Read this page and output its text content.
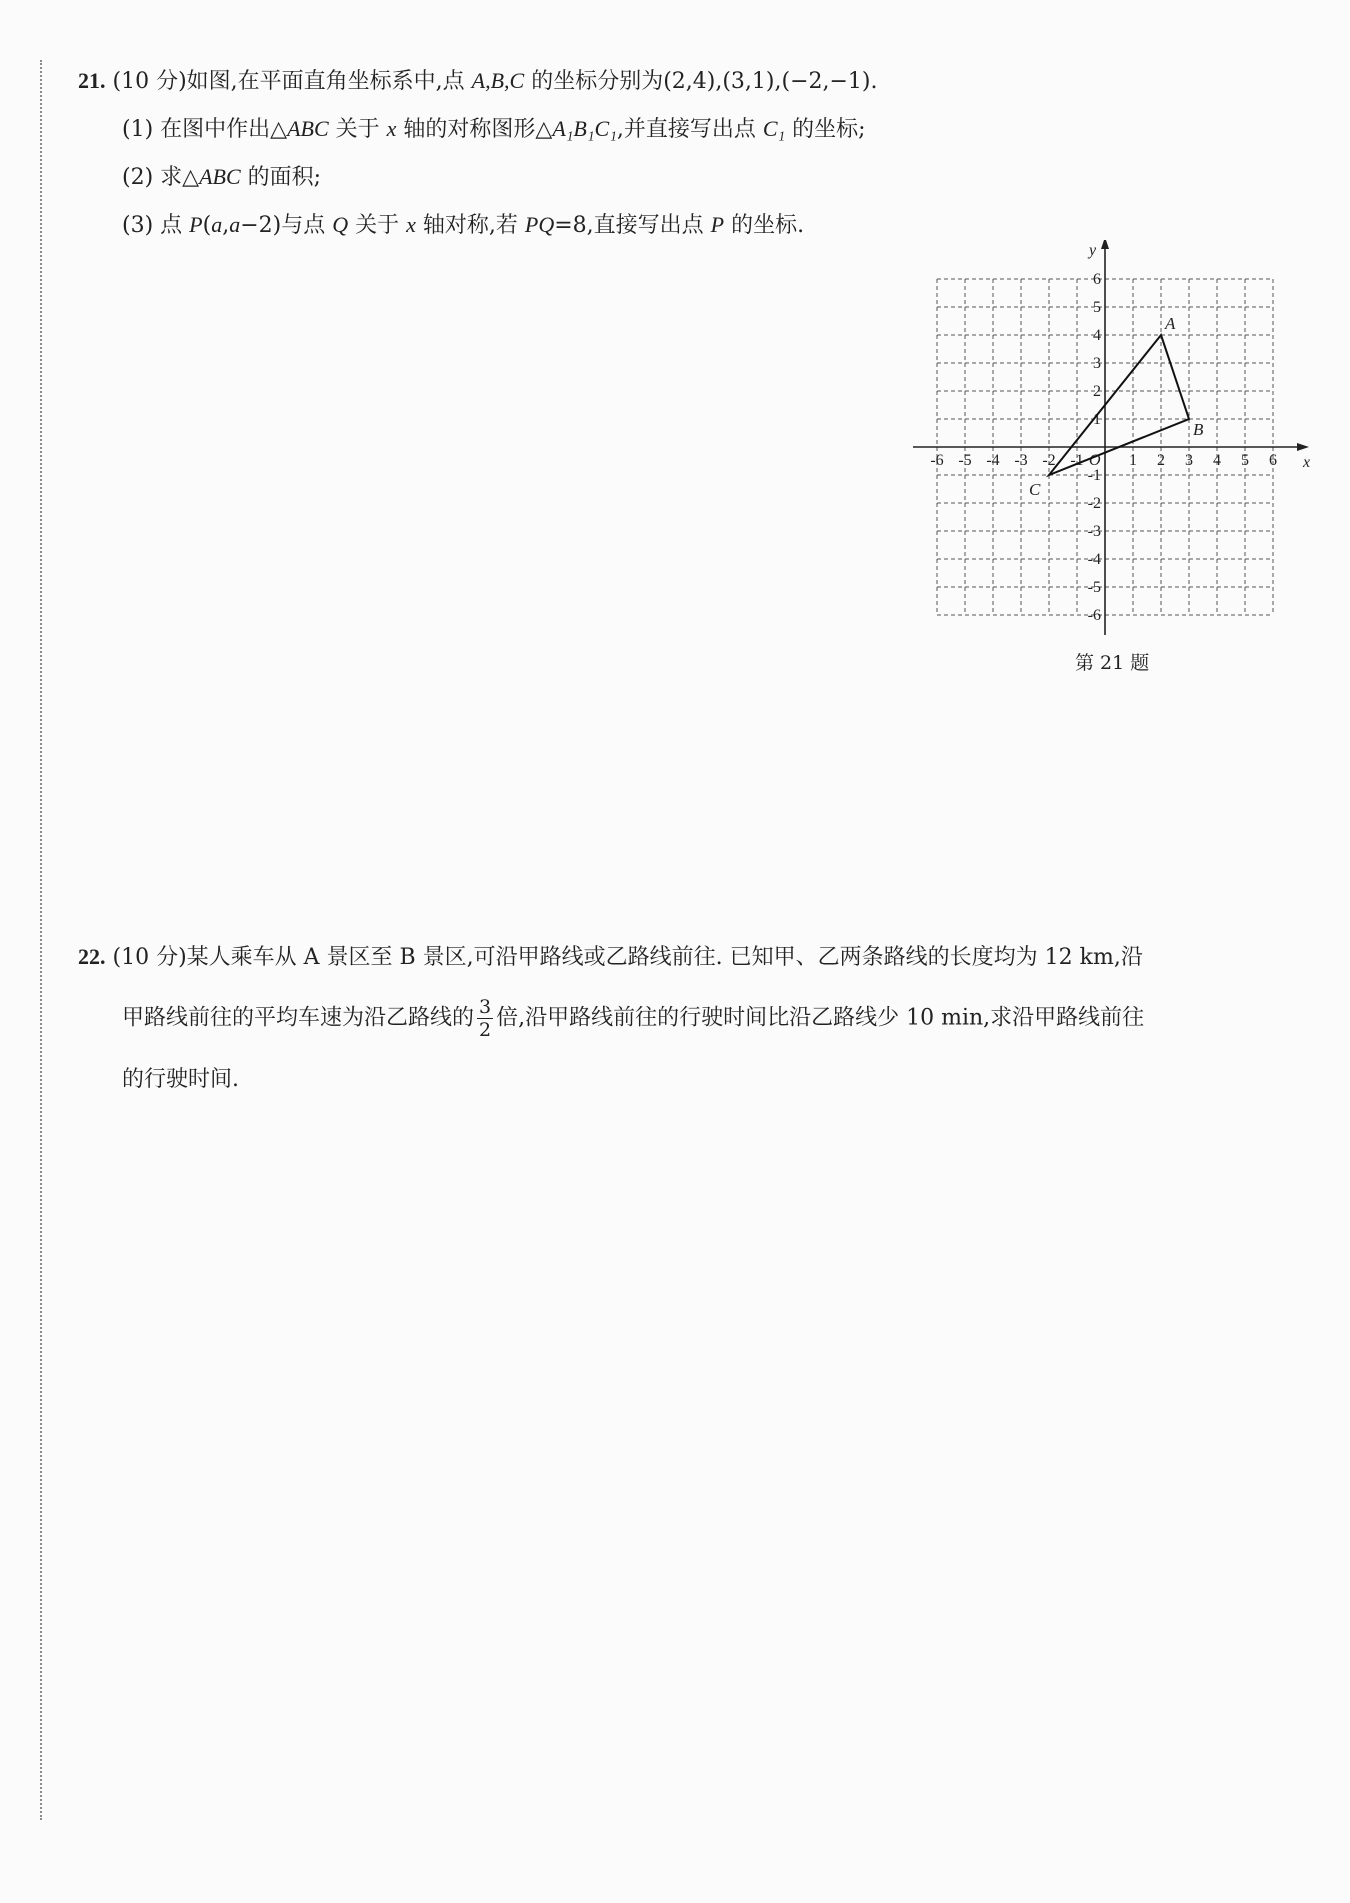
21. (10 分)如图,在平面直角坐标系中,点 A,B,C 的坐标分别为(2,4),(3,1),(−2,−1).
(1) 在图中作出△ABC 关于 x 轴的对称图形△A₁B₁C₁,并直接写出点 C₁ 的坐标;
(2) 求△ABC 的面积;
(3) 点 P(a,a−2)与点 Q 关于 x 轴对称,若 PQ=8,直接写出点 P 的坐标.
x
y
O
-6 -5 -4 -3 -2 -1	1 2 3 4 5 6
6
5
4
3
2
1
-1
-2
-3
-4
-5
-6
A
B
C
第 21 题
22. (10 分)某人乘车从 A 景区至 B 景区,可沿甲路线或乙路线前往. 已知甲、乙两条路线的长度均为 12 km,沿
甲路线前往的平均车速为沿乙路线的 $\frac{3}{2}$ 倍,沿甲路线前往的行驶时间比沿乙路线少 10 min,求沿甲路线前往
的行驶时间.
